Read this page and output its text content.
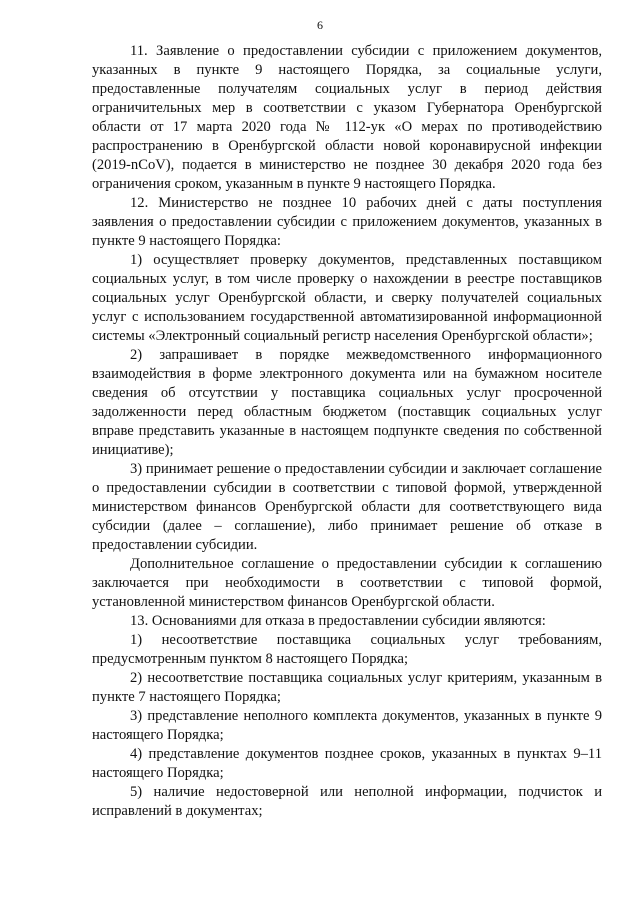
6

11. Заявление о предоставлении субсидии с приложением документов, указанных в пункте 9 настоящего Порядка, за социальные услуги, предоставленные получателям социальных услуг в период действия ограничительных мер в соответствии с указом Губернатора Оренбургской области от 17 марта 2020 года № 112-ук «О мерах по противодействию распространению в Оренбургской области новой коронавирусной инфекции (2019-nCoV), подается в министерство не позднее 30 декабря 2020 года без ограничения сроком, указанным в пункте 9 настоящего Порядка.

12. Министерство не позднее 10 рабочих дней с даты поступления заявления о предоставлении субсидии с приложением документов, указанных в пункте 9 настоящего Порядка:

1) осуществляет проверку документов, представленных поставщиком социальных услуг, в том числе проверку о нахождении в реестре поставщиков социальных услуг Оренбургской области, и сверку получателей социальных услуг с использованием государственной автоматизированной информационной системы «Электронный социальный регистр населения Оренбургской области»;

2) запрашивает в порядке межведомственного информационного взаимодействия в форме электронного документа или на бумажном носителе сведения об отсутствии у поставщика социальных услуг просроченной задолженности перед областным бюджетом (поставщик социальных услуг вправе представить указанные в настоящем подпункте сведения по собственной инициативе);

3) принимает решение о предоставлении субсидии и заключает соглашение о предоставлении субсидии в соответствии с типовой формой, утвержденной министерством финансов Оренбургской области для соответствующего вида субсидии (далее – соглашение), либо принимает решение об отказе в предоставлении субсидии.

Дополнительное соглашение о предоставлении субсидии к соглашению заключается при необходимости в соответствии с типовой формой, установленной министерством финансов Оренбургской области.

13. Основаниями для отказа в предоставлении субсидии являются:

1) несоответствие поставщика социальных услуг требованиям, предусмотренным пунктом 8 настоящего Порядка;

2) несоответствие поставщика социальных услуг критериям, указанным в пункте 7 настоящего Порядка;

3) представление неполного комплекта документов, указанных в пункте 9 настоящего Порядка;

4) представление документов позднее сроков, указанных в пунктах 9–11 настоящего Порядка;

5) наличие недостоверной или неполной информации, подчисток и исправлений в документах;
